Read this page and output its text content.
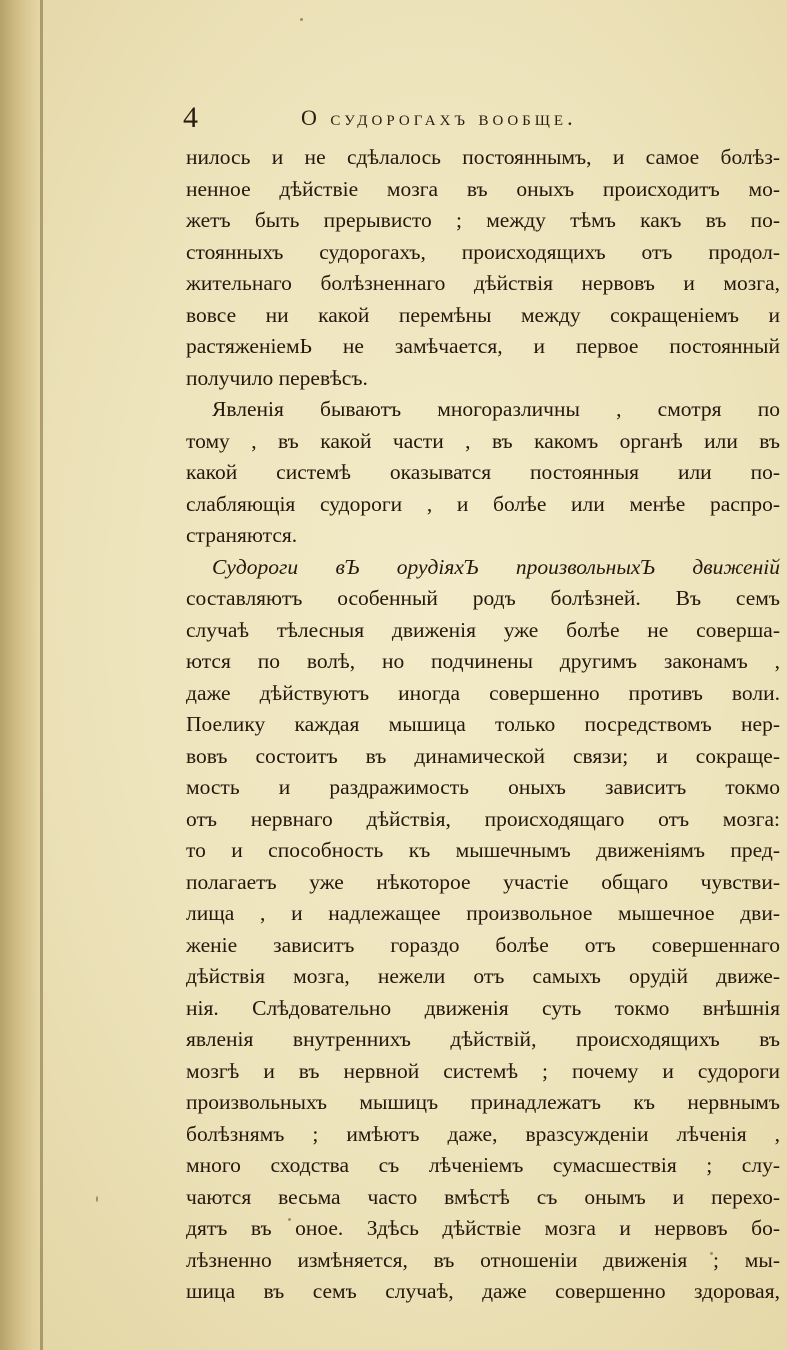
4	О судорогахъ вообще.
нилось и не сдѣлалось постояннымъ, и самое болѣз-
ненное дѣйствіе мозга въ оныхъ происходитъ мо-
жетъ быть прерывисто ; между тѣмъ какъ въ по-
стоянныхъ судорогахъ, происходящихъ отъ продол-
жительнаго болѣзненнаго дѣйствія нервовъ и мозга,
вовсе ни какой перемѣны между сокращеніемъ и
растяженіемЬ не замѣчается, и первое постоянный
получило перевѣсъ.
Явленія бываютъ многоразличны , смотря по
тому , въ какой части , въ какомъ органѣ или въ
какой системѣ оказыватся постоянныя или по-
слабляющія судороги , и болѣе или менѣе распро-
страняются.
Судороги вЪ орудіяхЪ произвольныхЪ движеній
составляютъ особенный родъ болѣзней. Въ семъ
случаѣ тѣлесныя движенія уже болѣе не соверша-
ются по волѣ, но подчинены другимъ законамъ ,
даже дѣйствуютъ иногда совершенно противъ воли.
Поелику каждая мышица только посредствомъ нер-
вовъ состоитъ въ динамической связи; и сокраще-
мость и раздражимость оныхъ зависитъ токмо
отъ нервнаго дѣйствія, происходящаго отъ мозга:
то и способность къ мышечнымъ движеніямъ пред-
полагаетъ уже нѣкоторое участіе общаго чувстви-
лища , и надлежащее произвольное мышечное дви-
женіе зависитъ гораздо болѣе отъ совершеннаго
дѣйствія мозга, нежели отъ самыхъ орудій движе-
нія. Слѣдовательно движенія суть токмо внѣшнія
явленія внутреннихъ дѣйствій, происходящихъ въ
мозгѣ и въ нервной системѣ ; почему и судороги
произвольныхъ мышицъ принадлежатъ къ нервнымъ
болѣзнямъ ; имѣютъ даже, вразсужденіи лѣченія ,
много сходства съ лѣченіемъ сумасшествія ; слу-
чаются весьма часто вмѣстѣ съ онымъ и перехо-
дятъ въ оное. Здѣсь дѣйствіе мозга и нервовъ бо-
лѣзненно измѣняется, въ отношеніи движенія ; мы-
шица въ семъ случаѣ, даже совершенно здоровая,
